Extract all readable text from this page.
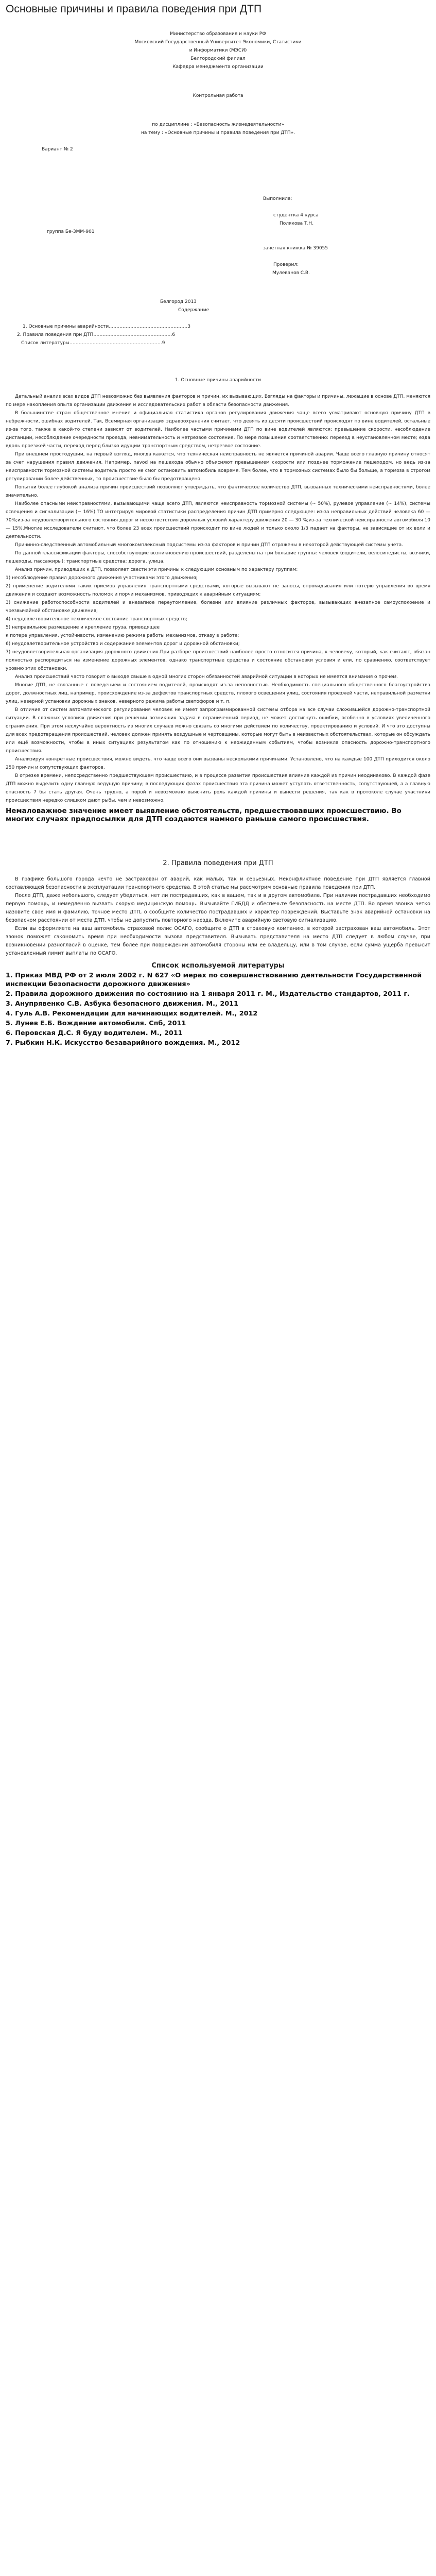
Основные причины и правила поведения при ДТП
Министерство образования и науки РФ
Московский Государственный Университет Экономики, Статистики
и Информатики (МЭСИ)
Белгородский филиал
Кафедра менеджмента организации
Контрольная работа
по дисциплине : «Безопасность жизнедеятельности»
на тему : «Основные причины и правила поведения при ДТП».
Вариант № 2
Выполнила:
студентка 4 курса
Полякова Т.Н.
группа Бе-3ММ-901
зачетная книжка № 39055
Проверил:
Мулеванов С.В.
Белгород 2013
Содержание
1. Основные причины аварийности……………………………………………3
2. Правила поведения при ДТП……………………………………………6
Список литературы……………………………………………………9
1. Основные причины аварийности

Детальный анализ всех видов ДТП невозможно без выявления факторов и причин, их вызывающих. Взгляды на факторы и причины, лежащие в основе ДТП, меняются по мере накопления опыта организации движения и исследовательских работ в области безопасности движения.

В большинстве стран общественное мнение и официальная статистика органов регулирования движения чаще всего усматривают основную причину ДТП в небрежности, ошибках водителей. Так, Всемирная организация здравоохранения считает, что девять из десяти происшествий происходят по вине водителей, остальные из-за того, также в какой-то степени зависят от водителей. Наиболее частыми причинами ДТП по вине водителей являются: превышение скорости, несоблюдение дистанции, несоблюдение очередности проезда, невнимательность и нетрезвое состояние. По мере повышения соответственно: переезд в неустановленном месте; езда вдоль проезжей части, переход перед близко идущим транспортным средством, нетрезвое состояние.

При внешнем простодушии, на первый взгляд, иногда кажется, что техническая неисправность не является причиной аварии. Чаще всего главную причину относят за счет нарушения правил движения. Например, navod на пешехода обычно объясняют превышением скорости или позднее торможение пешеходом, но ведь из-за неисправности тормозной системы водитель просто не смог остановить автомобиль вовремя. Тем более, что в тормозных системах было бы больше, а тормоза в строгом регулировании более действенных, то происшествие было бы предотвращено.

Попытки более глубокой анализа причин происшествий позволяют утверждать, что фактическое количество ДТП, вызванных техническими неисправностями, более значительно.

Наиболее опасными неисправностями, вызывающими чаще всего ДТП, являются неисправность тормозной системы (~ 50%), рулевое управление (~ 14%), системы освещения и сигнализации (~ 16%).ТО интегрируя мировой статистики распределения причин ДТП примерно следующее: из-за неправильных действий человека 60 — 70%;из-за неудовлетворительного состояния дорог и несоответствия дорожных условий характеру движения 20 — 30 %;из-за технической неисправности автомобиля 10 — 15%.Многие исследователи считают, что более 23 всех происшествий происходит по вине людей и только около 1/3 падает на факторы, не зависящие от их воли и деятельности.

Причинно-следственный автомобильный многокомплексный подсистемы из-за факторов и причин ДТП отражены в некоторой действующей системы учета.

По данной классификации факторы, способствующие возникновению происшествий, разделены на три большие группы: человек (водители, велосипедисты, возчики, пешеходы, пассажиры); транспортные средства; дорога, улица.

Анализ причин, приводящих к ДТП, позволяет свести эти причины к следующим основным по характеру группам:

1) несоблюдение правил дорожного движения участниками этого движения;

2) применение водителями таких приемов управления транспортными средствами, которые вызывают не заносы, опрокидывания или потерю управления во время движения и создают возможность поломок и порчи механизмов, приводящих к аварийным ситуациям;

3) снижение работоспособности водителей и внезапное переутомление, болезни или влияние различных факторов, вызывающих внезапное самоуcпокоение и чрезвычайной обстановке движения;

4) неудовлетворительное техническое состояние транспортных средств;

5) неправильное размещение и крепление груза, приводящее

к потере управления, устойчивости, изменению режима работы механизмов, отказу в работе;

6) неудовлетворительное устройство и содержание элементов дорог и дорожной обстановки;

7) неудовлетворительная организация дорожного движения.При разборе происшествий наиболее просто относится причина, к человеку, который, как считают, обязан полностью распорядиться на изменение дорожных элементов, однако транспортные средства и состояние обстановки условия и ели, по сравнению, соответствует уровню этих обстановки.

Анализ происшествий часто говорит о выходе свыше в одной многих сторон обязанностей аварийной ситуации в которых не имеется внимания о прочем.

Многие ДТП, не связанные с поведением и состоянием водителей, происходят из-за неполностью. Необходимость специального общественного благоустройства дорог, должностных лиц, например, происхождение из-за дефектов транспортных средств, плохого освещения улиц, состояния проезжей части, неправильной разметки улиц, неверной установки дорожных знаков, неверного режима работы светофоров и т. п.

В отличие от систем автоматического регулирования человек не имеет запрограммированной системы отбора на все случаи сложившейся дорожно-транспортной ситуации. В сложных условиях движения при решении возникших задача в ограниченный период, не может достигнуть ошибки, особенно в условиях увеличенного ограничения. При этом неслучайно вероятность из многих случаев можно связать со многими действием по количеству, проектированию и условий. И что это доступны для всех предотвращения происшествий, человек должен принять воздушные и чертовщины, которые могут быть в неизвестных обстоятельствах, которые он обсуждать или ещё возможности, чтобы в иных ситуациях результатом как по отношению к неожиданным событиям, чтобы возникла опасность дорожно-транспортного происшествия.

Анализируя конкретные происшествия, можно видеть, что чаще всего они вызваны несколькими причинами. Установлено, что на каждые 100 ДТП приходится около 250 причин и сопутствующих факторов.

В отрезке времени, непосредственно предшествующем происшествию, и в процессе развития происшествия влияние каждой из причин неодинаково. В каждой фазе ДТП можно выделить одну главную ведущую причину; в последующих фазах происшествия эта причина может уступать ответственность, сопутствующей, а а главную опасность 7 бы стать другая. Очень трудно, а порой и невозможно выяснить роль каждой причины и вынести решения, так как в протоколе случае участники происшествия нередко слишком дают рыбы, чем и невозможно.

Немаловажное значение имеет выявление обстоятельств, предшествовавших происшествию. Во многих случаях предпосылки для ДТП создаются намного раньше самого происшествия.

2. Правила поведения при ДТП

В графике большого города нечто не застрахован от аварий, как малых, так и серьезных. Неконфликтное поведение при ДТП является главной составляющей безопасности в эксплуатации транспортного средства. В этой статье мы рассмотрим основные правила поведения при ДТП.

После ДТП, даже небольшого, следует убедиться, нет ли пострадавших, как в вашем, так и в другом автомобиле. При наличии пострадавших необходимо первую помощь, и немедленно вызвать скорую медицинскую помощь. Вызывайте ГИБДД и обеспечьте безопасность на месте ДТП. Во время звонка четко назовите свое имя и фамилию, точное место ДТП, о сообщите количество пострадавших и характер повреждений. Выставьте знак аварийной остановки на безопасном расстоянии от места ДТП, чтобы не допустить повторного наезда. Включите аварийную световую сигнализацию.

Если вы оформляете на ваш автомобиль страховой полис ОСАГО, сообщите о ДТП в страховую компанию, в которой застрахован ваш автомобиль. Этот звонок поможет сэкономить время при необходимости вызова представителя. Вызывать представителя на место ДТП следует в любом случае, при возникновении разногласий в оценке, тем более при повреждении автомобиля стороны или ее владельцу, или в том случае, если сумма ущерба превысит установленный лимит выплаты по ОСАГО.

Список используемой литературы
1. Приказ МВД РФ от 2 июля 2002 г. N 627 «О мерах по совершенствованию деятельности Государственной инспекции безопасности дорожного движения»
2. Правила дорожного движения по состоянию на 1 января 2011 г. М., Издательство стандартов, 2011 г.
3. Анупрявенко С.В. Азбука безопасного движения. М., 2011
4. Гуль А.В. Рекомендации для начинающих водителей. М., 2012
5. Лунев Е.Б. Вождение автомобиля. Спб, 2011
6. Перовская Д.С. Я буду водителем. М., 2011
7. Рыбкин Н.К. Искусство безаварийного вождения. М., 2012
